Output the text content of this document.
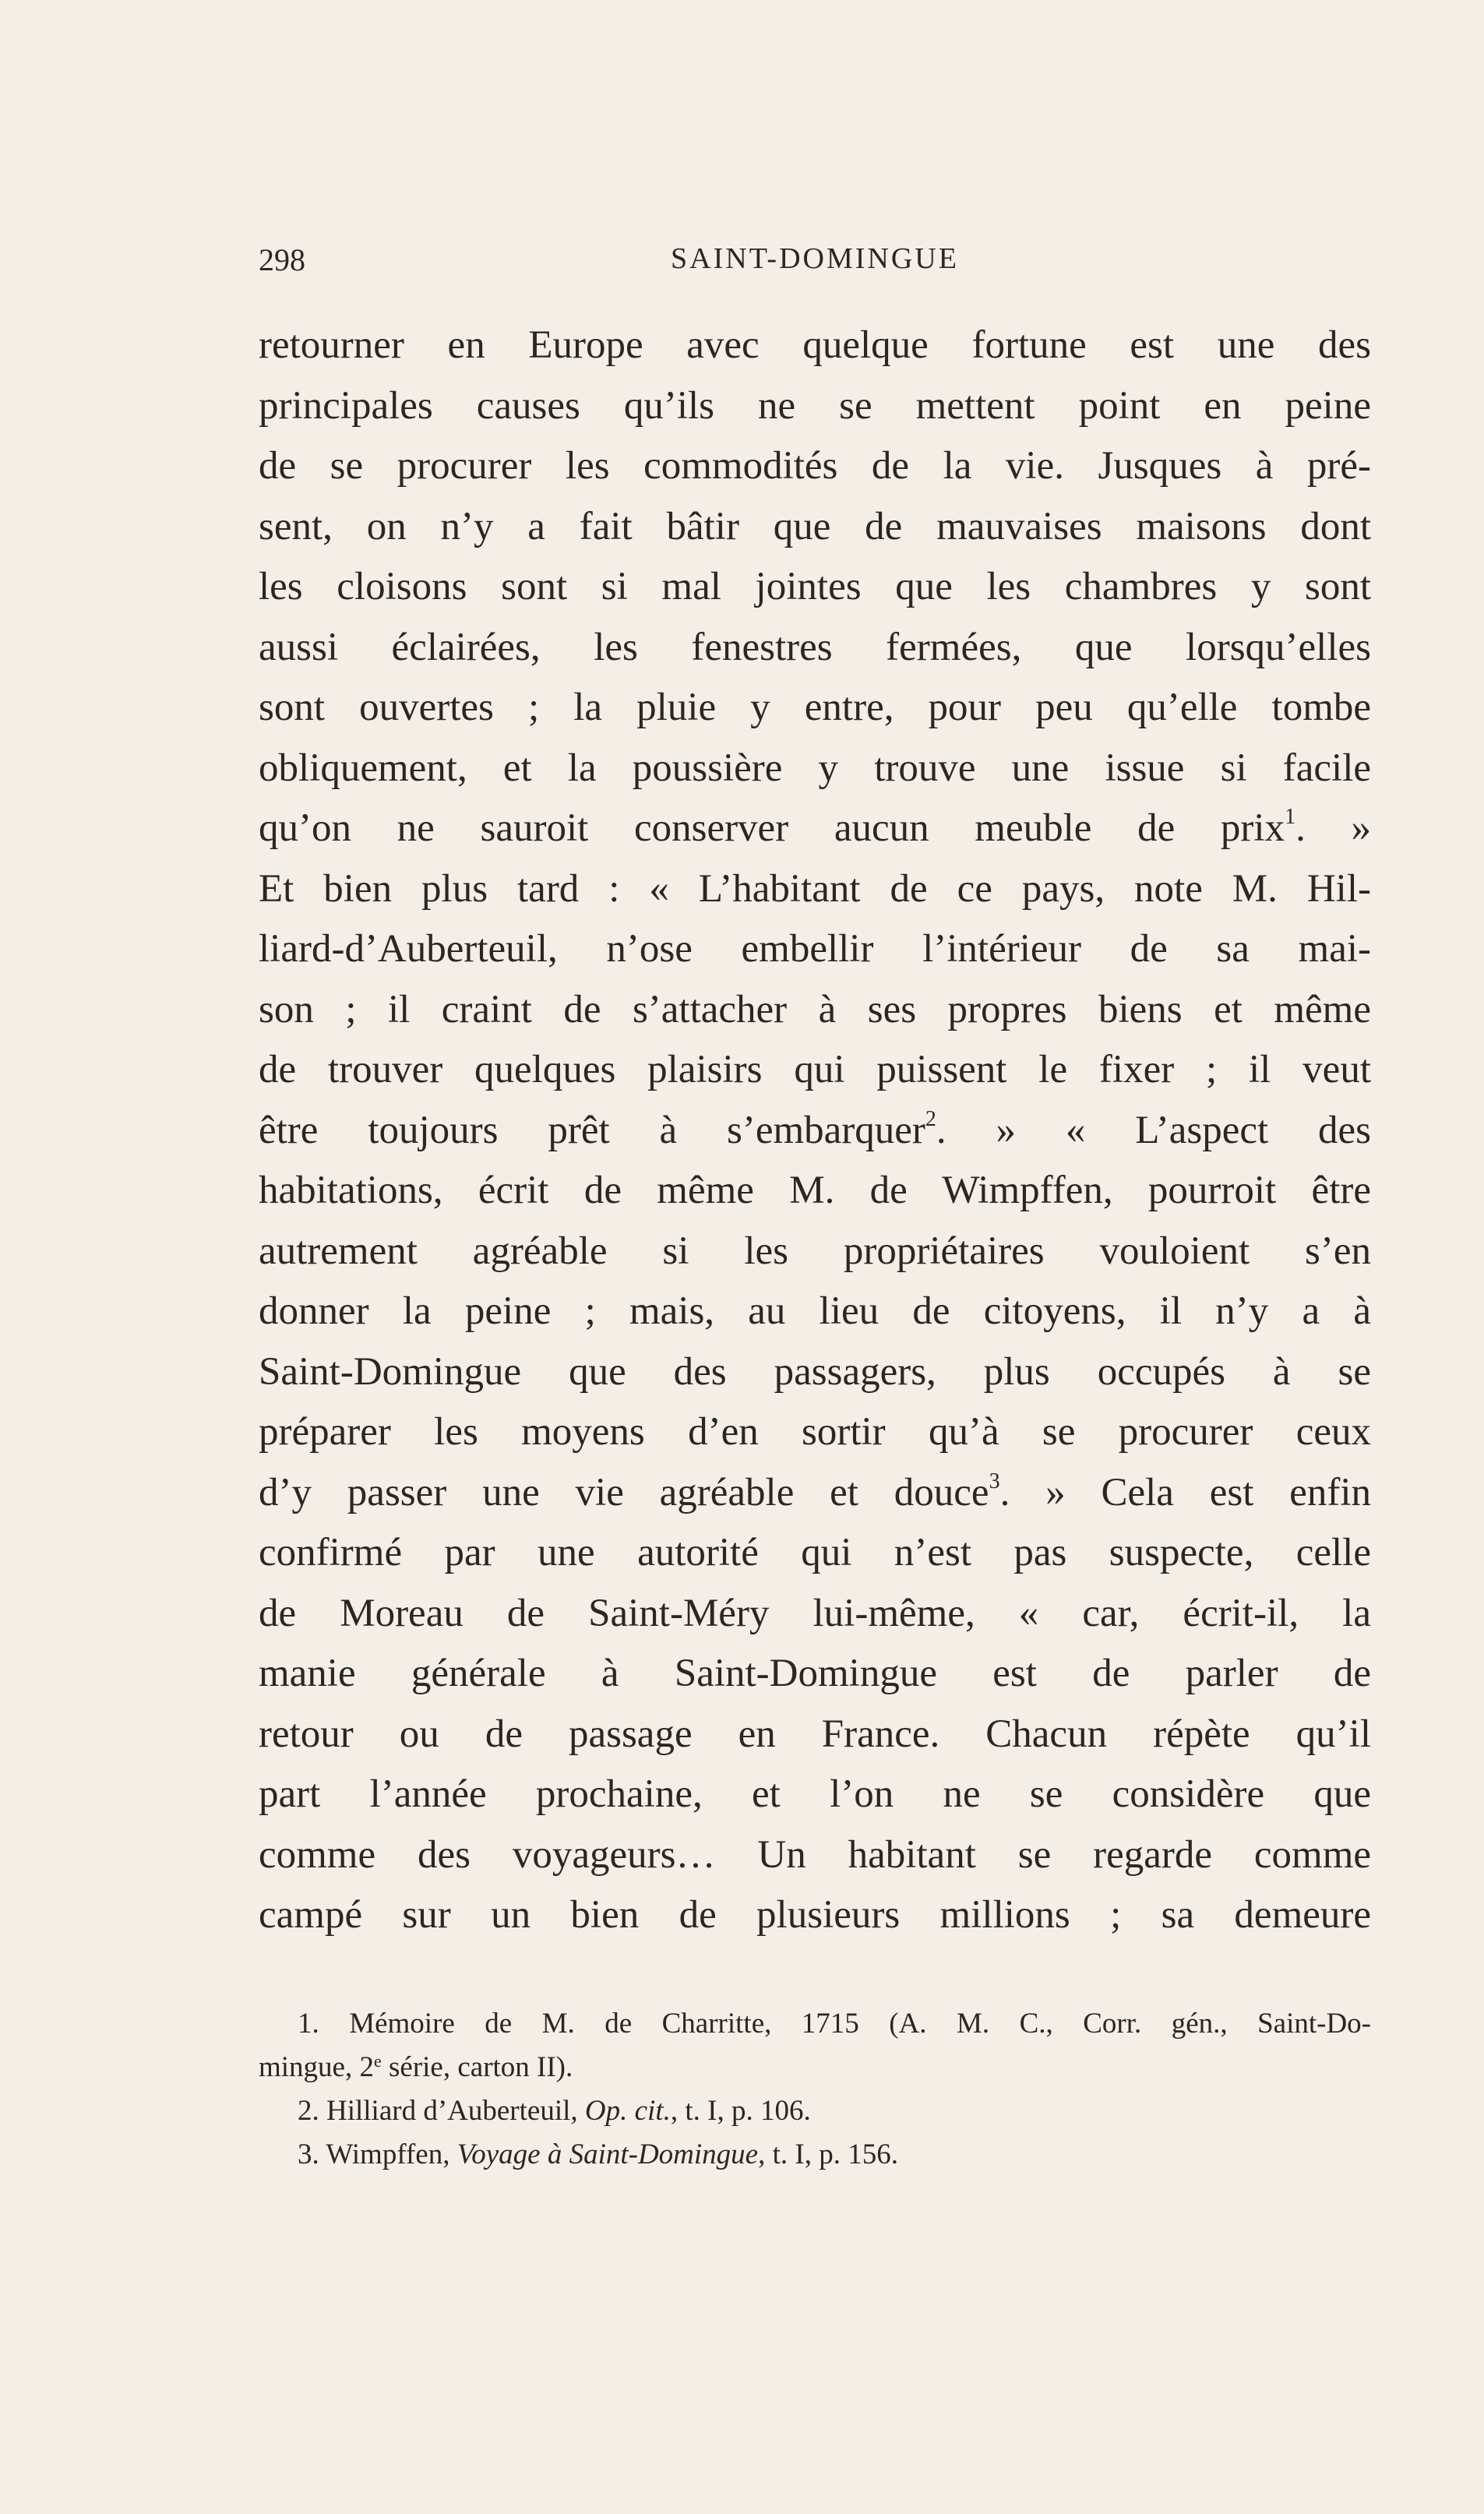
298	SAINT-DOMINGUE
retourner en Europe avec quelque fortune est une des
principales causes qu’ils ne se mettent point en peine
de se procurer les commodités de la vie. Jusques à pré-
sent, on n’y a fait bâtir que de mauvaises maisons dont
les cloisons sont si mal jointes que les chambres y sont
aussi éclairées, les fenestres fermées, que lorsqu’elles
sont ouvertes ; la pluie y entre, pour peu qu’elle tombe
obliquement, et la poussière y trouve une issue si facile
qu’on ne sauroit conserver aucun meuble de prix$^1$. »
Et bien plus tard : « L’habitant de ce pays, note M. Hil-
liard-d’Auberteuil, n’ose embellir l’intérieur de sa mai-
son ; il craint de s’attacher à ses propres biens et même
de trouver quelques plaisirs qui puissent le fixer ; il veut
être toujours prêt à s’embarquer$^2$. » « L’aspect des
habitations, écrit de même M. de Wimpffen, pourroit être
autrement agréable si les propriétaires vouloient s’en
donner la peine ; mais, au lieu de citoyens, il n’y a à
Saint-Domingue que des passagers, plus occupés à se
préparer les moyens d’en sortir qu’à se procurer ceux
d’y passer une vie agréable et douce$^3$. » Cela est enfin
confirmé par une autorité qui n’est pas suspecte, celle
de Moreau de Saint-Méry lui-même, « car, écrit-il, la
manie générale à Saint-Domingue est de parler de
retour ou de passage en France. Chacun répète qu’il
part l’année prochaine, et l’on ne se considère que
comme des voyageurs… Un habitant se regarde comme
campé sur un bien de plusieurs millions ; sa demeure
1. Mémoire de M. de Charritte, 1715 (A. M. C., Corr. gén., Saint-Do-
mingue, 2e série, carton II).
2. Hilliard d’Auberteuil, Op. cit., t. I, p. 106.
3. Wimpffen, Voyage à Saint-Domingue, t. I, p. 156.
